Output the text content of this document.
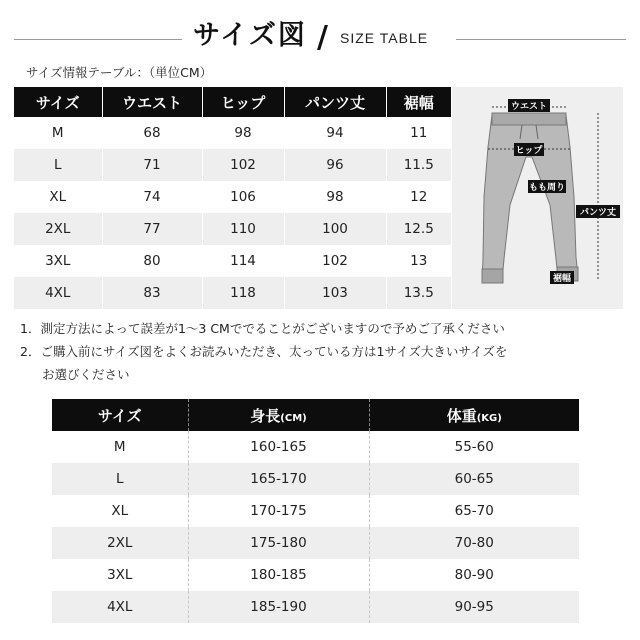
サイズ図 / SIZE TABLE
サイズ情報テーブル：（単位CM）
サイズ	ウエスト	ヒップ	パンツ丈	裾幅
M	68	98	94	11
L	71	102	96	11.5
XL	74	106	98	12
2XL	77	110	100	12.5
3XL	80	114	102	13
4XL	83	118	103	13.5
ウエスト
ヒップ
もも周り
パンツ丈
裾幅
1．測定方法によって誤差が1〜3 CMででることがございますので予めご了承ください
2．ご購入前にサイズ図をよくお読みいただき、太っている方は1サイズ大きいサイズを
お選びください
サイズ	身長(CM)	体重(KG)
M	160-165	55-60
L	165-170	60-65
XL	170-175	65-70
2XL	175-180	70-80
3XL	180-185	80-90
4XL	185-190	90-95
